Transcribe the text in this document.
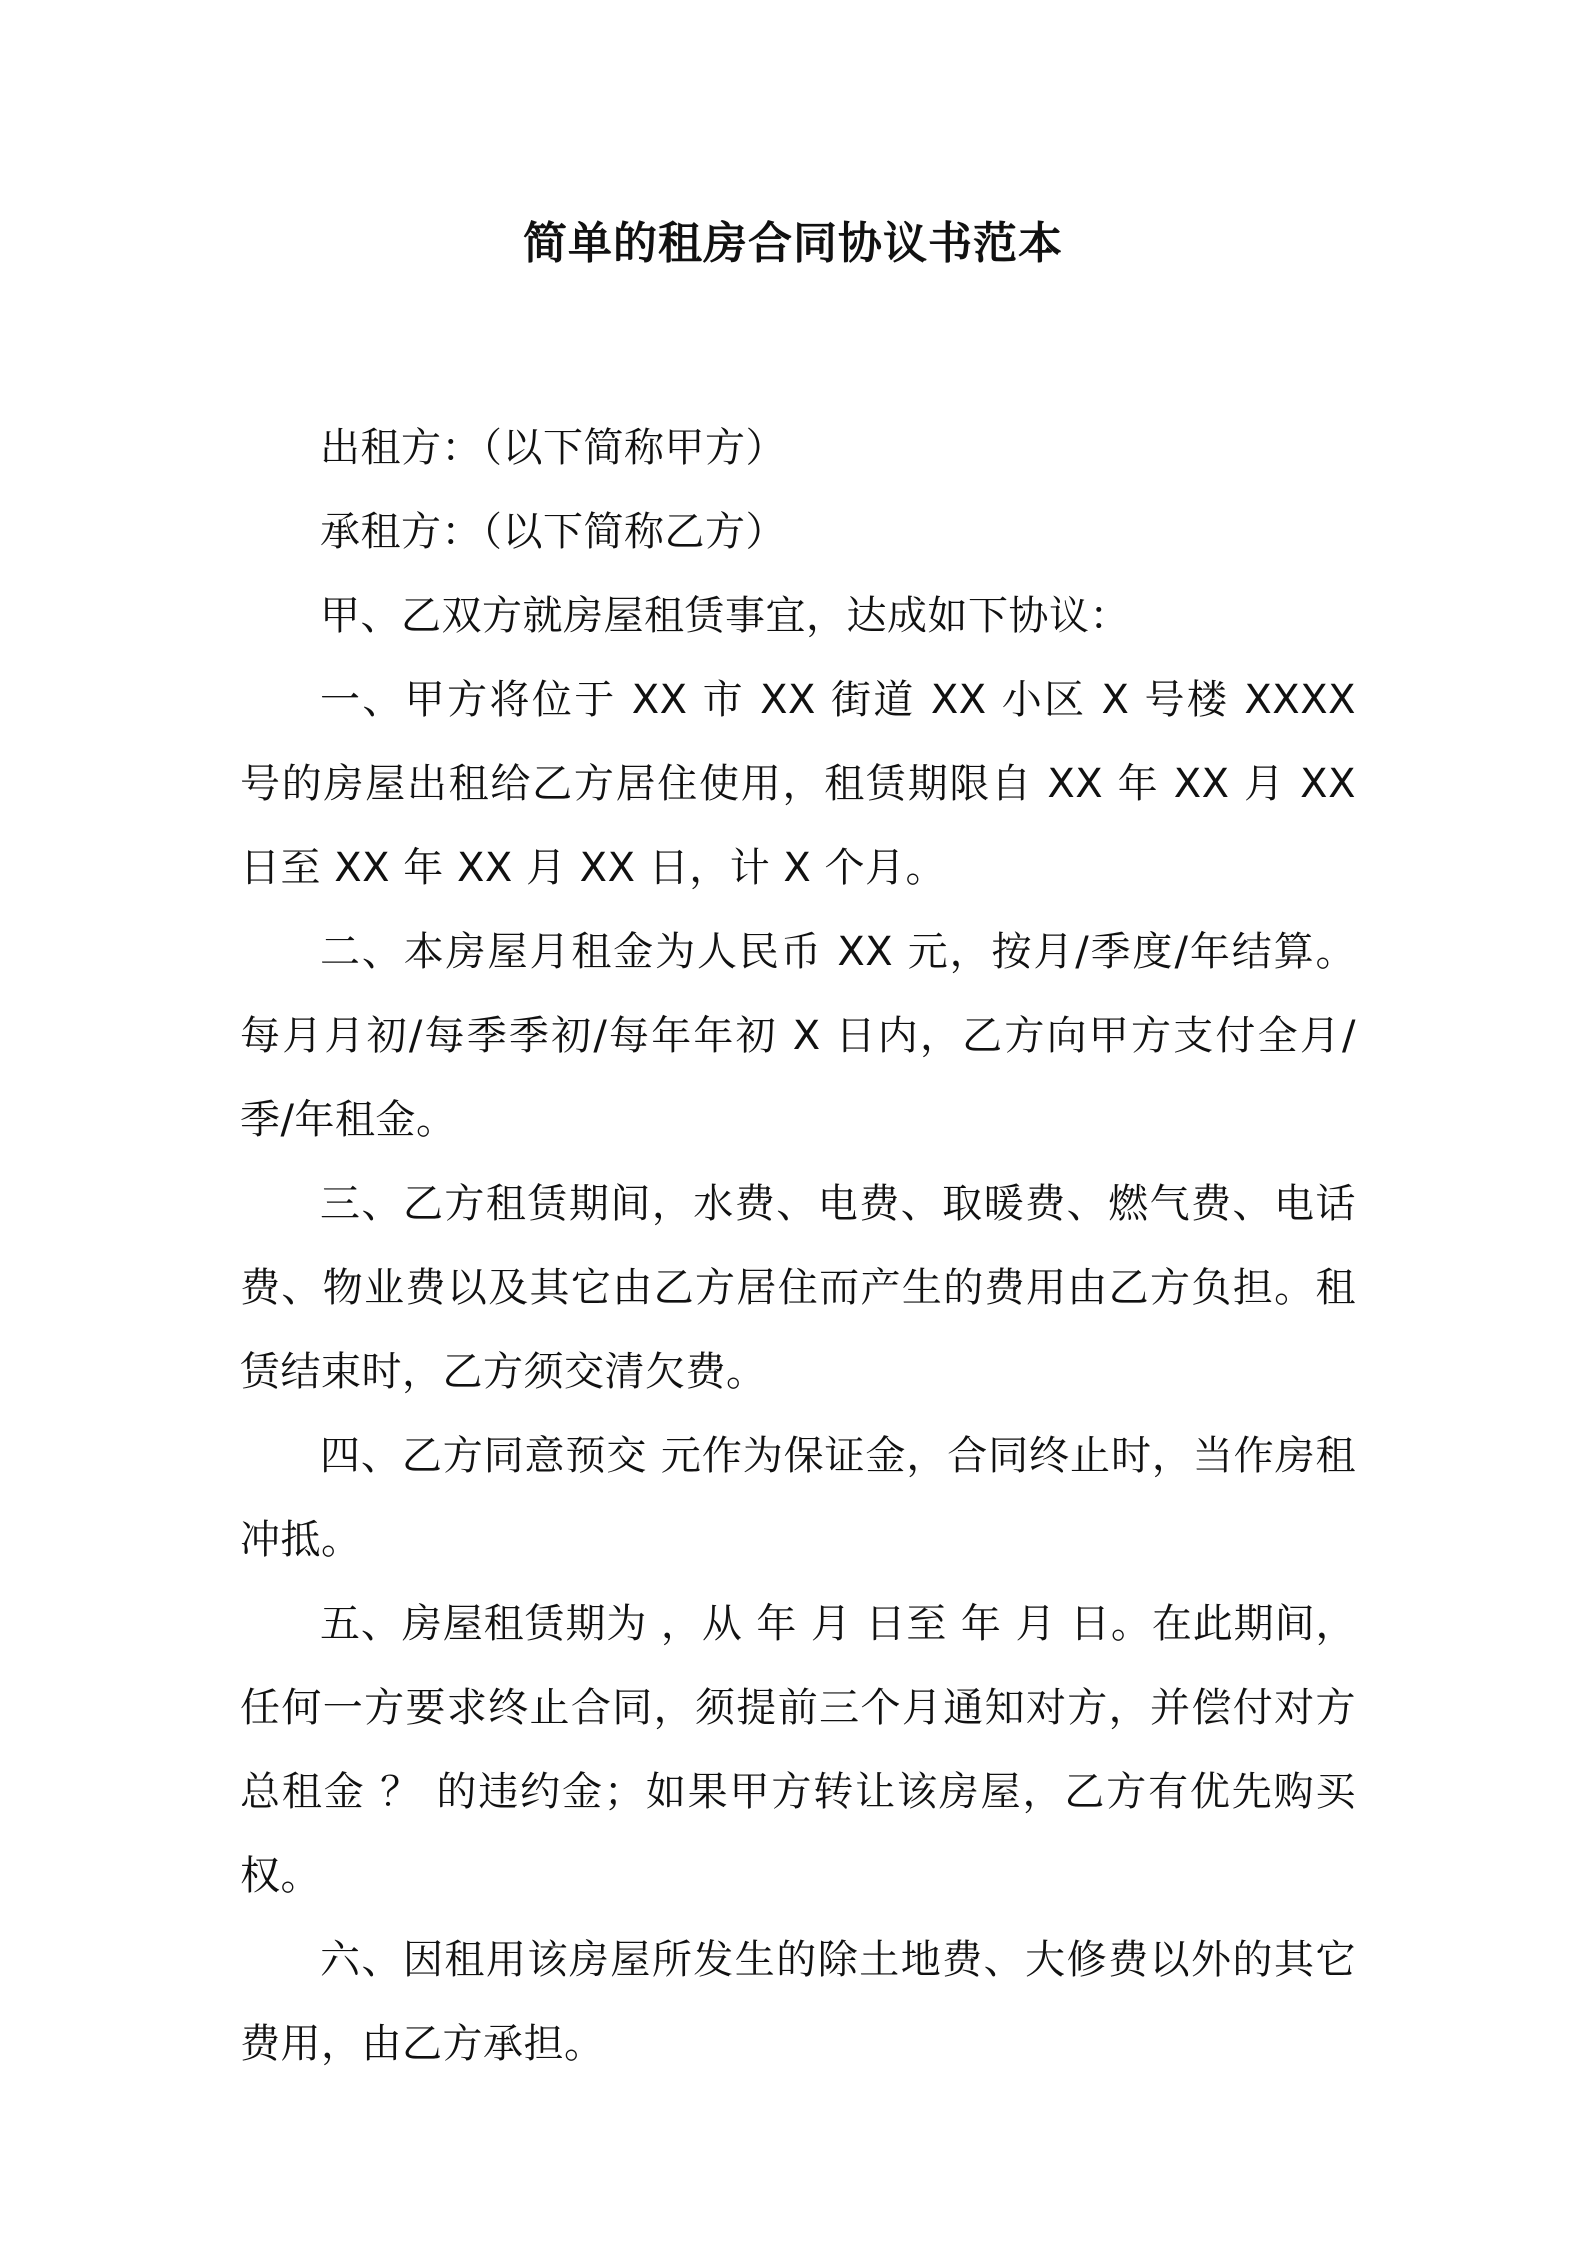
简单的租房合同协议书范本

出租方：（以下简称甲方）

承租方：（以下简称乙方）

甲、乙双方就房屋租赁事宜，达成如下协议：

一、甲方将位于 XX 市 XX 街道 XX 小区 X 号楼 XXXX 号的房屋出租给乙方居住使用，租赁期限自 XX 年 XX 月 XX 日至 XX 年 XX 月 XX 日，计 X 个月。

二、本房屋月租金为人民币 XX 元，按月/季度/年结算。每月月初/每季季初/每年年初 X 日内，乙方向甲方支付全月/季/年租金。

三、乙方租赁期间，水费、电费、取暖费、燃气费、电话费、物业费以及其它由乙方居住而产生的费用由乙方负担。租赁结束时，乙方须交清欠费。

四、乙方同意预交 元作为保证金，合同终止时，当作房租冲抵。

五、房屋租赁期为 ，从 年 月 日至 年 月 日。在此期间，任何一方要求终止合同，须提前三个月通知对方，并偿付对方总租金 ？ 的违约金；如果甲方转让该房屋，乙方有优先购买权。

六、因租用该房屋所发生的除土地费、大修费以外的其它费用，由乙方承担。
